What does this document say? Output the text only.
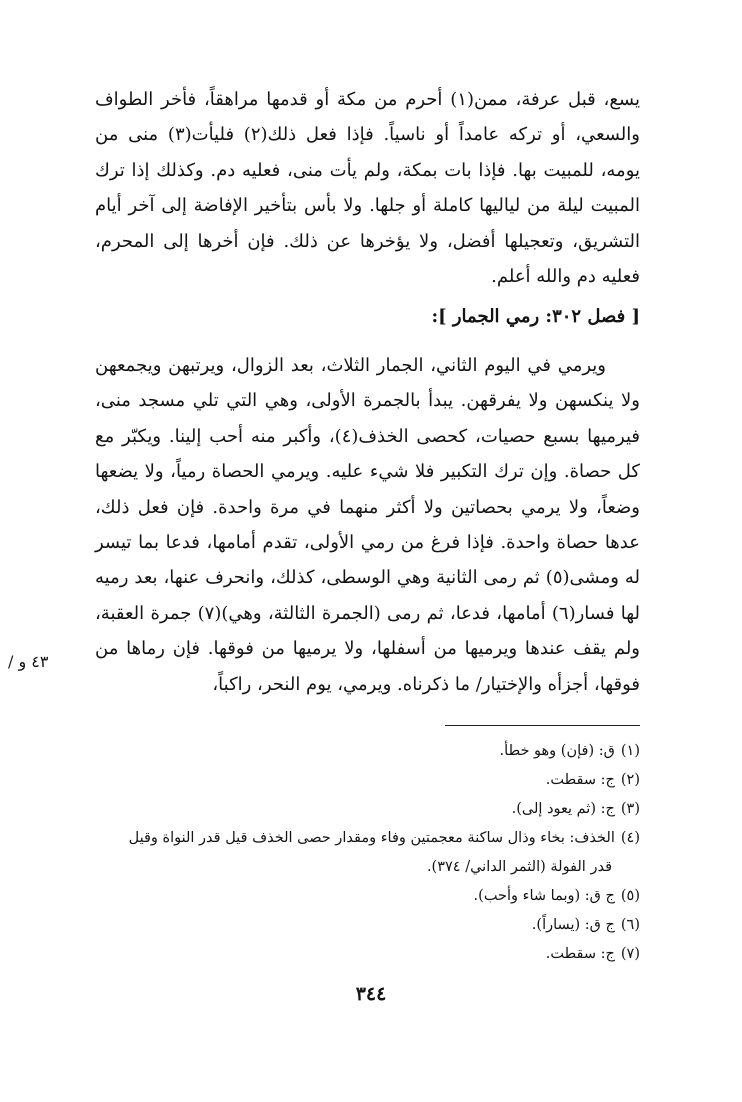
يسع، قبل عرفة، ممن(١) أحرم من مكة أو قدمها مراهقاً، فأخر الطواف والسعي، أو تركه عامداً أو ناسياً. فإذا فعل ذلك(٢) فليأت(٣) منى من يومه، للمبيت بها. فإذا بات بمكة، ولم يأت منى، فعليه دم. وكذلك إذا ترك المبيت ليلة من لياليها كاملة أو جلها. ولا بأس بتأخير الإفاضة إلى آخر أيام التشريق، وتعجيلها أفضل، ولا يؤخرها عن ذلك. فإن أخرها إلى المحرم، فعليه دم والله أعلم.

[ فصل ٣٠٢: رمي الجمار ]:

ويرمي في اليوم الثاني، الجمار الثلاث، بعد الزوال، ويرتبهن ويجمعهن ولا ينكسهن ولا يفرقهن. يبدأ بالجمرة الأولى، وهي التي تلي مسجد منى، فيرميها بسبع حصيات، كحصى الخذف(٤)، وأكبر منه أحب إلينا. ويكبّر مع كل حصاة. وإن ترك التكبير فلا شيء عليه. ويرمي الحصاة رمياً، ولا يضعها وضعاً، ولا يرمي بحصاتين ولا أكثر منهما في مرة واحدة. فإن فعل ذلك، عدها حصاة واحدة. فإذا فرغ من رمي الأولى، تقدم أمامها، فدعا بما تيسر له ومشى(٥) ثم رمى الثانية وهي الوسطى، كذلك، وانحرف عنها، بعد رميه لها فسار(٦) أمامها، فدعا، ثم رمى (الجمرة الثالثة، وهي)(٧) جمرة العقبة، ولم يقف عندها ويرميها من أسفلها، ولا يرميها من فوقها. فإن رماها من فوقها، أجزأه والإختيار/ ما ذكرناه. ويرمي، يوم النحر، راكباً،

/ ٤٣ و
(١)ق: (فإن) وهو خطأ.
(٢)ج: سقطت.
(٣)ج: (ثم يعود إلى).
(٤)الخذف: بخاء وذال ساكنة معجمتين وفاء ومقدار حصى الخذف قيل قدر النواة وقيل
قدر الفولة (الثمر الداني/ ٣٧٤).
(٥)ج ق: (وبما شاء وأحب).
(٦)ج ق: (يساراً).
(٧)ج: سقطت.
٣٤٤
